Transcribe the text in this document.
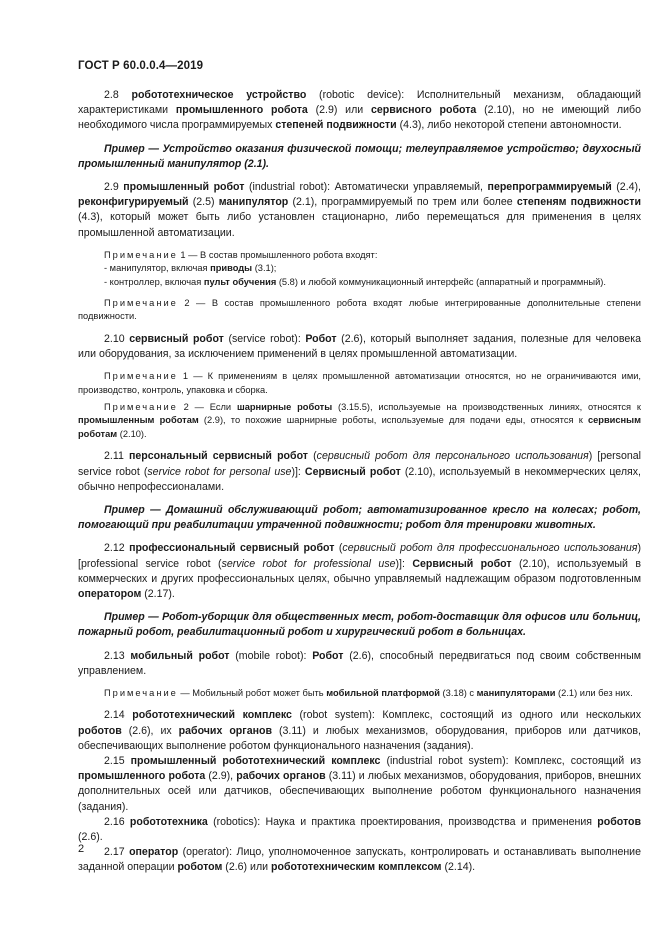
ГОСТ Р 60.0.0.4—2019

2.8 робототехническое устройство (robotic device): Исполнительный механизм, обладающий характеристиками промышленного робота (2.9) или сервисного робота (2.10), но не имеющий либо необходимого числа программируемых степеней подвижности (4.3), либо некоторой степени автономности.

Пример — Устройство оказания физической помощи; телеуправляемое устройство; двухосный промышленный манипулятор (2.1).

2.9 промышленный робот (industrial robot): Автоматически управляемый, перепрограммируемый (2.4), реконфигурируемый (2.5) манипулятор (2.1), программируемый по трем или более степеням подвижности (4.3), который может быть либо установлен стационарно, либо перемещаться для применения в целях промышленной автоматизации.

Примечание 1 — В состав промышленного робота входят:

- манипулятор, включая приводы (3.1);

- контроллер, включая пульт обучения (5.8) и любой коммуникационный интерфейс (аппаратный и программный).

Примечание 2 — В состав промышленного робота входят любые интегрированные дополнительные степени подвижности.

2.10 сервисный робот (service robot): Робот (2.6), который выполняет задания, полезные для человека или оборудования, за исключением применений в целях промышленной автоматизации.

Примечание 1 — К применениям в целях промышленной автоматизации относятся, но не ограничиваются ими, производство, контроль, упаковка и сборка.

Примечание 2 — Если шарнирные роботы (3.15.5), используемые на производственных линиях, относятся к промышленным роботам (2.9), то похожие шарнирные роботы, используемые для подачи еды, относятся к сервисным роботам (2.10).

2.11 персональный сервисный робот (сервисный робот для персонального использования) [personal service robot (service robot for personal use)]: Сервисный робот (2.10), используемый в некоммерческих целях, обычно непрофессионалами.

Пример — Домашний обслуживающий робот; автоматизированное кресло на колесах; робот, помогающий при реабилитации утраченной подвижности; робот для тренировки животных.

2.12 профессиональный сервисный робот (сервисный робот для профессионального использования) [professional service robot (service robot for professional use)]: Сервисный робот (2.10), используемый в коммерческих и других профессиональных целях, обычно управляемый надлежащим образом подготовленным оператором (2.17).

Пример — Робот-уборщик для общественных мест, робот-доставщик для офисов или больниц, пожарный робот, реабилитационный робот и хирургический робот в больницах.

2.13 мобильный робот (mobile robot): Робот (2.6), способный передвигаться под своим собственным управлением.

Примечание — Мобильный робот может быть мобильной платформой (3.18) с манипуляторами (2.1) или без них.

2.14 робототехнический комплекс (robot system): Комплекс, состоящий из одного или нескольких роботов (2.6), их рабочих органов (3.11) и любых механизмов, оборудования, приборов или датчиков, обеспечивающих выполнение роботом функционального назначения (задания).

2.15 промышленный робототехнический комплекс (industrial robot system): Комплекс, состоящий из промышленного робота (2.9), рабочих органов (3.11) и любых механизмов, оборудования, приборов, внешних дополнительных осей или датчиков, обеспечивающих выполнение роботом функционального назначения (задания).

2.16 робототехника (robotics): Наука и практика проектирования, производства и применения роботов (2.6).

2.17 оператор (operator): Лицо, уполномоченное запускать, контролировать и останавливать выполнение заданной операции роботом (2.6) или робототехническим комплексом (2.14).

2
